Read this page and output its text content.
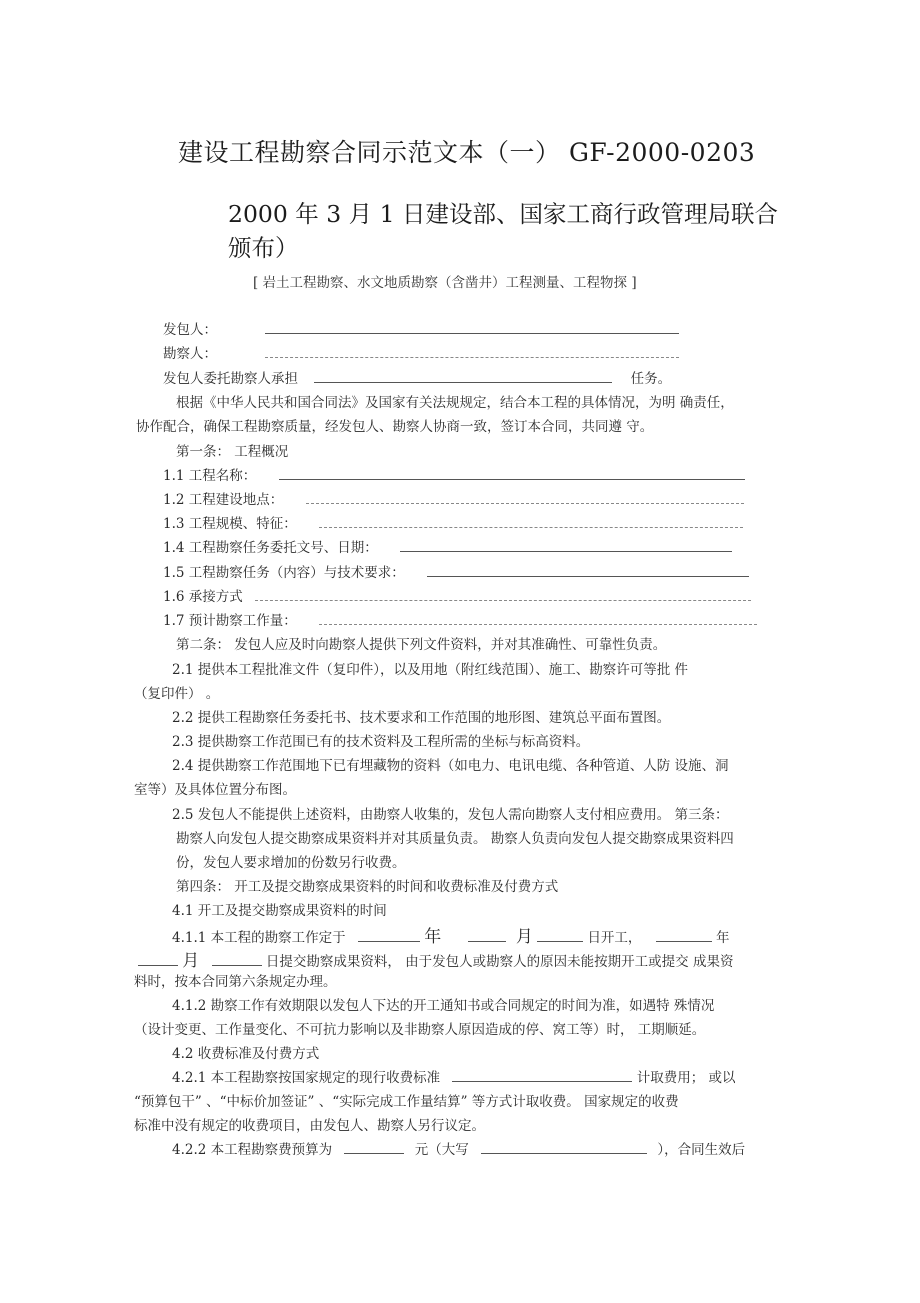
建设工程勘察合同示范文本（一） GF-2000-0203
2000 年 3 月 1 日建设部、国家工商行政管理局联合颁布）
[ 岩土工程勘察、水文地质勘察（含凿井）工程测量、工程物探 ]
发包人：
勘察人：
发包人委托勘察人承担	任务。
根据《中华人民共和国合同法》及国家有关法规规定，结合本工程的具体情况，为明 确责任，
协作配合，确保工程勘察质量，经发包人、勘察人协商一致，签订本合同，共同遵 守。
第一条： 工程概况
1.1 工程名称：
1.2 工程建设地点：
1.3 工程规模、特征：
1.4 工程勘察任务委托文号、日期：
1.5 工程勘察任务（内容）与技术要求：
1.6 承接方式
1.7 预计勘察工作量：
第二条： 发包人应及时向勘察人提供下列文件资料，并对其准确性、可靠性负责。
2.1 提供本工程批准文件（复印件），以及用地（附红线范围）、施工、勘察许可等批 件
（复印件） 。
2.2 提供工程勘察任务委托书、技术要求和工作范围的地形图、建筑总平面布置图。
2.3 提供勘察工作范围已有的技术资料及工程所需的坐标与标高资料。
2.4 提供勘察工作范围地下已有埋藏物的资料（如电力、电讯电缆、各种管道、人防 设施、洞
室等）及具体位置分布图。
2.5 发包人不能提供上述资料，由勘察人收集的，发包人需向勘察人支付相应费用。 第三条：
勘察人向发包人提交勘察成果资料并对其质量负责。 勘察人负责向发包人提交勘察成果资料四
份，发包人要求增加的份数另行收费。
第四条： 开工及提交勘察成果资料的时间和收费标准及付费方式
4.1 开工及提交勘察成果资料的时间
4.1.1 本工程的勘察工作定于	年	月	日开工，	年
月	日提交勘察成果资料， 由于发包人或勘察人的原因未能按期开工或提交 成果资
料时，按本合同第六条规定办理。
4.1.2 勘察工作有效期限以发包人下达的开工通知书或合同规定的时间为准，如遇特 殊情况
（设计变更、工作量变化、不可抗力影响以及非勘察人原因造成的停、窝工等）时， 工期顺延。
4.2 收费标准及付费方式
4.2.1 本工程勘察按国家规定的现行收费标准	计取费用； 或以
“预算包干” 、“中标价加签证” 、“实际完成工作量结算” 等方式计取收费。 国家规定的收费
标准中没有规定的收费项目，由发包人、勘察人另行议定。
4.2.2 本工程勘察费预算为	元（大写	），合同生效后
